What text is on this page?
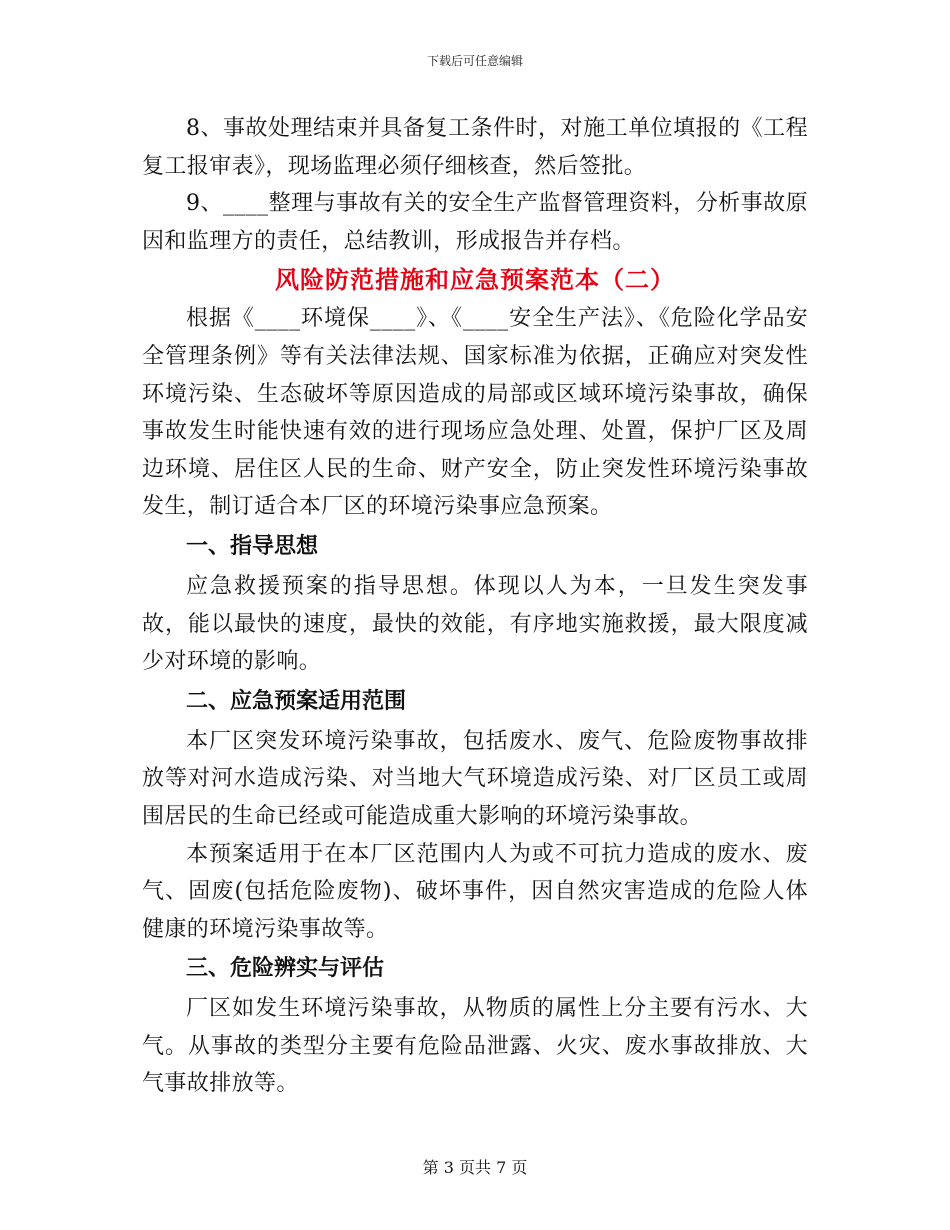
下载后可任意编辑

8、事故处理结束并具备复工条件时，对施工单位填报的《工程复工报审表》，现场监理必须仔细核查，然后签批。

9、____整理与事故有关的安全生产监督管理资料，分析事故原因和监理方的责任，总结教训，形成报告并存档。

风险防范措施和应急预案范本（二）

根据《____环境保____》、《____安全生产法》、《危险化学品安全管理条例》等有关法律法规、国家标准为依据，正确应对突发性环境污染、生态破坏等原因造成的局部或区域环境污染事故，确保事故发生时能快速有效的进行现场应急处理、处置，保护厂区及周边环境、居住区人民的生命、财产安全，防止突发性环境污染事故发生，制订适合本厂区的环境污染事应急预案。

一、指导思想

应急救援预案的指导思想。体现以人为本，一旦发生突发事故，能以最快的速度，最快的效能，有序地实施救援，最大限度减少对环境的影响。

二、应急预案适用范围

本厂区突发环境污染事故，包括废水、废气、危险废物事故排放等对河水造成污染、对当地大气环境造成污染、对厂区员工或周围居民的生命已经或可能造成重大影响的环境污染事故。

本预案适用于在本厂区范围内人为或不可抗力造成的废水、废气、固废(包括危险废物)、破坏事件，因自然灾害造成的危险人体健康的环境污染事故等。

三、危险辨实与评估

厂区如发生环境污染事故，从物质的属性上分主要有污水、大气。从事故的类型分主要有危险品泄露、火灾、废水事故排放、大气事故排放等。

第 3 页共 7 页
